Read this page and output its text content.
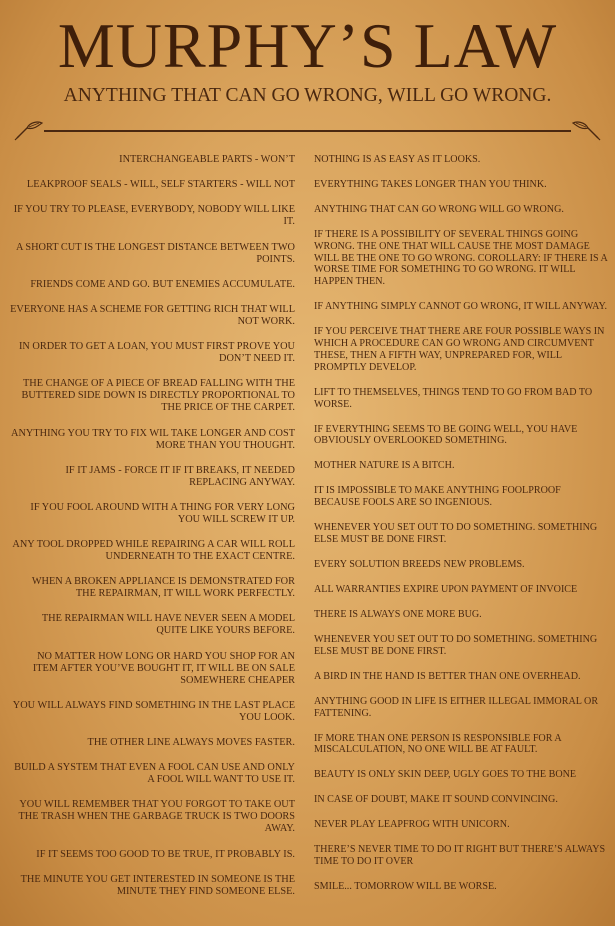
MURPHY’S LAW

ANYTHING THAT CAN GO WRONG, WILL GO WRONG.

INTERCHANGEABLE PARTS - WON’T

LEAKPROOF SEALS - WILL, SELF STARTERS - WILL NOT

IF YOU TRY TO PLEASE, EVERYBODY, NOBODY WILL LIKE IT.

A SHORT CUT IS THE LONGEST DISTANCE BETWEEN TWO POINTS.

FRIENDS COME AND GO. BUT ENEMIES ACCUMULATE.

EVERYONE HAS A SCHEME FOR GETTING RICH THAT WILL NOT WORK.

IN ORDER TO GET A LOAN, YOU MUST FIRST PROVE YOU DON’T NEED IT.

THE CHANGE OF A PIECE OF BREAD FALLING WITH THE BUTTERED SIDE DOWN IS DIRECTLY PROPORTIONAL TO THE PRICE OF THE CARPET.

ANYTHING YOU TRY TO FIX WIL TAKE LONGER AND COST MORE THAN YOU THOUGHT.

IF IT JAMS - FORCE IT IF IT BREAKS, IT NEEDED REPLACING ANYWAY.

IF YOU FOOL AROUND WITH A THING FOR VERY LONG YOU WILL SCREW IT UP.

ANY TOOL DROPPED WHILE REPAIRING A CAR WILL ROLL UNDERNEATH TO THE EXACT CENTRE.

WHEN A BROKEN APPLIANCE IS DEMONSTRATED FOR THE REPAIRMAN, IT WILL WORK PERFECTLY.

THE REPAIRMAN WILL HAVE NEVER SEEN A MODEL QUITE LIKE YOURS BEFORE.

NO MATTER HOW LONG OR HARD YOU SHOP FOR AN ITEM AFTER YOU’VE BOUGHT IT, IT WILL BE ON SALE SOMEWHERE CHEAPER

YOU WILL ALWAYS FIND SOMETHING IN THE LAST PLACE YOU LOOK.

THE OTHER LINE ALWAYS MOVES FASTER.

BUILD A SYSTEM THAT EVEN A FOOL CAN USE AND ONLY A FOOL WILL WANT TO USE IT.

YOU WILL REMEMBER THAT YOU FORGOT TO TAKE OUT THE TRASH WHEN THE GARBAGE TRUCK IS TWO DOORS AWAY.

IF IT SEEMS TOO GOOD TO BE TRUE, IT PROBABLY IS.

THE MINUTE YOU GET INTERESTED IN SOMEONE IS THE MINUTE THEY FIND SOMEONE ELSE.

NOTHING IS AS EASY AS IT LOOKS.

EVERYTHING TAKES LONGER THAN YOU THINK.

ANYTHING THAT CAN GO WRONG WILL GO WRONG.

IF THERE IS A POSSIBILITY OF SEVERAL THINGS GOING WRONG. THE ONE THAT WILL CAUSE THE MOST DAMAGE WILL BE THE ONE TO GO WRONG. COROLLARY: IF THERE IS A WORSE TIME FOR SOMETHING TO GO WRONG. IT WILL HAPPEN THEN.

IF ANYTHING SIMPLY CANNOT GO WRONG, IT WILL ANYWAY.

IF YOU PERCEIVE THAT THERE ARE FOUR POSSIBLE WAYS IN WHICH A PROCEDURE CAN GO WRONG AND CIRCUMVENT THESE, THEN A FIFTH WAY, UNPREPARED FOR, WILL PROMPTLY DEVELOP.

LIFT TO THEMSELVES, THINGS TEND TO GO FROM BAD TO WORSE.

IF EVERYTHING SEEMS TO BE GOING WELL, YOU HAVE OBVIOUSLY OVERLOOKED SOMETHING.

MOTHER NATURE IS A BITCH.

IT IS IMPOSSIBLE TO MAKE ANYTHING FOOLPROOF BECAUSE FOOLS ARE SO INGENIOUS.

WHENEVER YOU SET OUT TO DO SOMETHING. SOMETHING ELSE MUST BE DONE FIRST.

EVERY SOLUTION BREEDS NEW PROBLEMS.

ALL WARRANTIES EXPIRE UPON PAYMENT OF INVOICE

THERE IS ALWAYS ONE MORE BUG.

WHENEVER YOU SET OUT TO DO SOMETHING. SOMETHING ELSE MUST BE DONE FIRST.

A BIRD IN THE HAND IS BETTER THAN ONE OVERHEAD.

ANYTHING GOOD IN LIFE IS EITHER ILLEGAL IMMORAL OR FATTENING.

IF MORE THAN ONE PERSON IS RESPONSIBLE FOR A MISCALCULATION, NO ONE WILL BE AT FAULT.

BEAUTY IS ONLY SKIN DEEP, UGLY GOES TO THE BONE

IN CASE OF DOUBT, MAKE IT SOUND CONVINCING.

NEVER PLAY LEAPFROG WITH UNICORN.

THERE’S NEVER TIME TO DO IT RIGHT BUT THERE’S ALWAYS TIME TO DO IT OVER

SMILE... TOMORROW WILL BE WORSE.
